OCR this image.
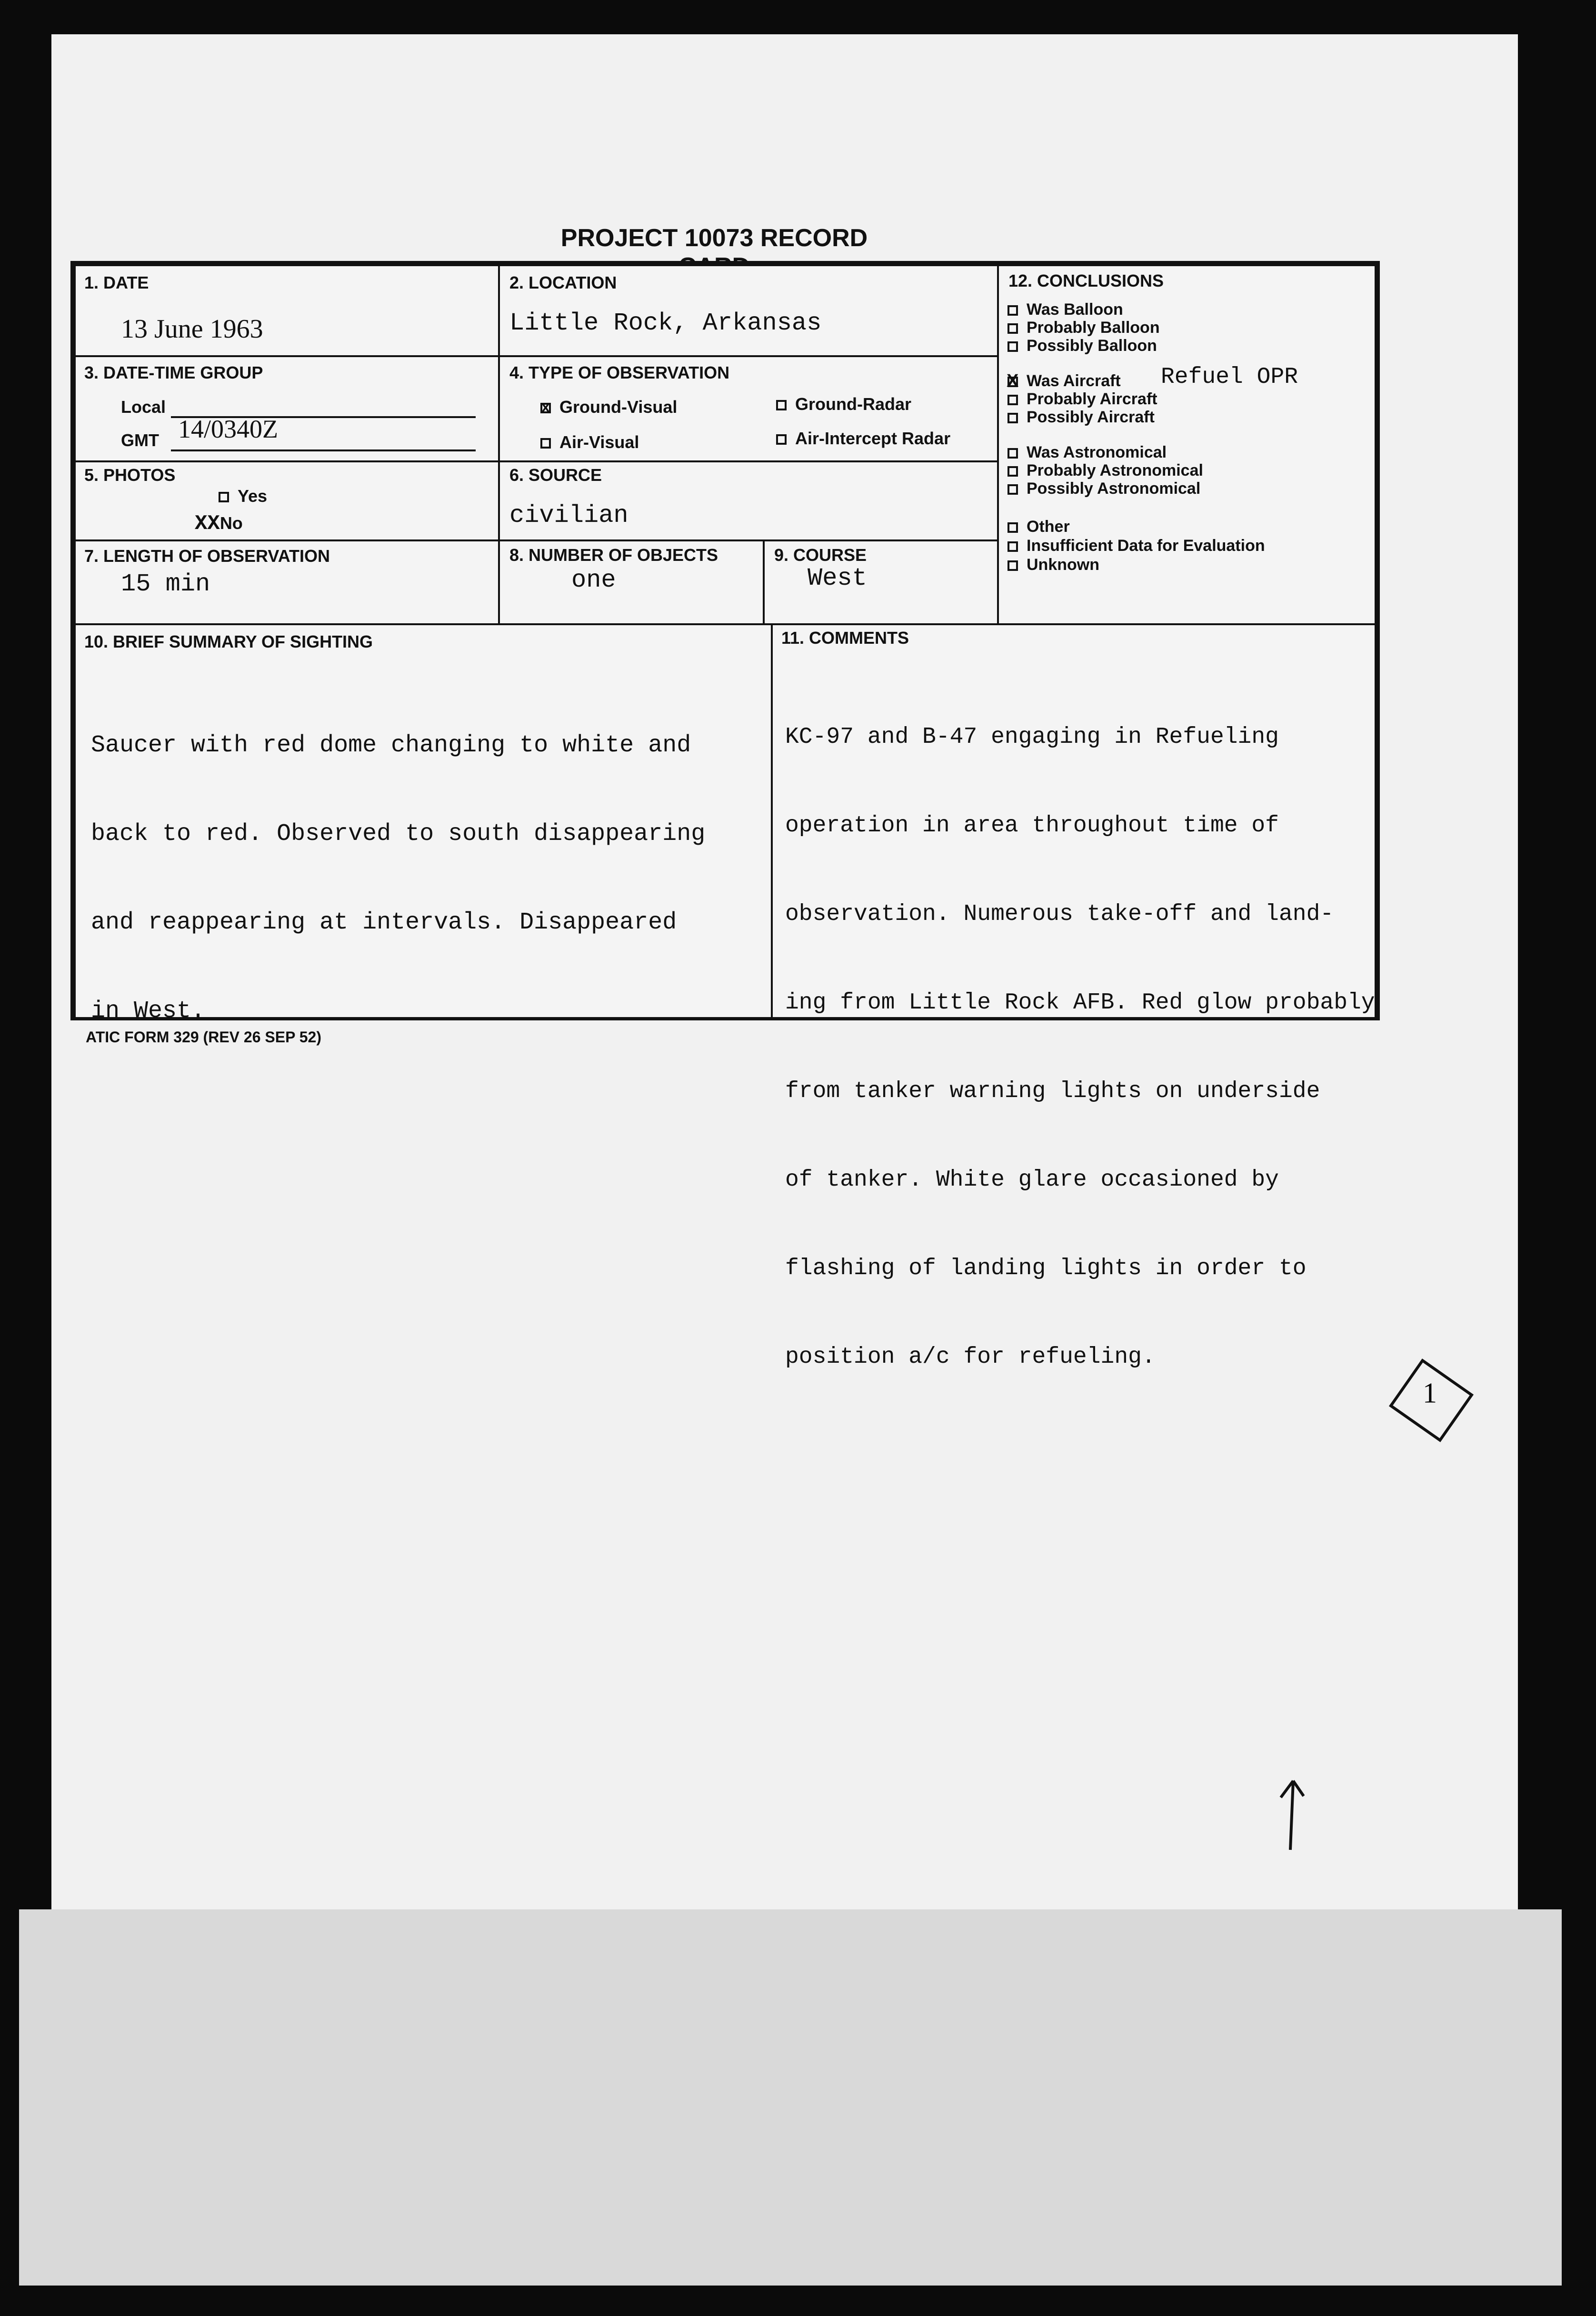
1
PROJECT 10073 RECORD
1. DATE
13 June 1963
2. LOCATION
Little Rock, Arkansas
3. DATE-TIME GROUP
Local
GMT 14/0340Z
4. TYPE OF OBSERVATION
x Ground-Visual	Ground-Radar
Air-Visual	Air-Intercept Radar
5. PHOTOS
Yes
XXNo
6. SOURCE
civilian
7. LENGTH OF OBSERVATION
15 min
8. NUMBER OF OBJECTS
one
9. COURSE
West
12. CONCLUSIONS
Was Balloon
Probably Balloon
Possibly Balloon
X Was Aircraft Refuel OPR
Probably Aircraft
Possibly Aircraft
Was Astronomical
Probably Astronomical
Possibly Astronomical
Other
Insufficient Data for Evaluation
Unknown
10. BRIEF SUMMARY OF SIGHTING

Saucer with red dome changing to white and

back to red. Observed to south disappearing

and reappearing at intervals. Disappeared

in West.

11. COMMENTS

KC-97 and B-47 engaging in Refueling

operation in area throughout time of

observation. Numerous take-off and land-

ing from Little Rock AFB. Red glow probably

from tanker warning lights on underside

of tanker. White glare occasioned by

flashing of landing lights in order to

position a/c for refueling.

ATIC FORM 329 (REV 26 SEP 52)
